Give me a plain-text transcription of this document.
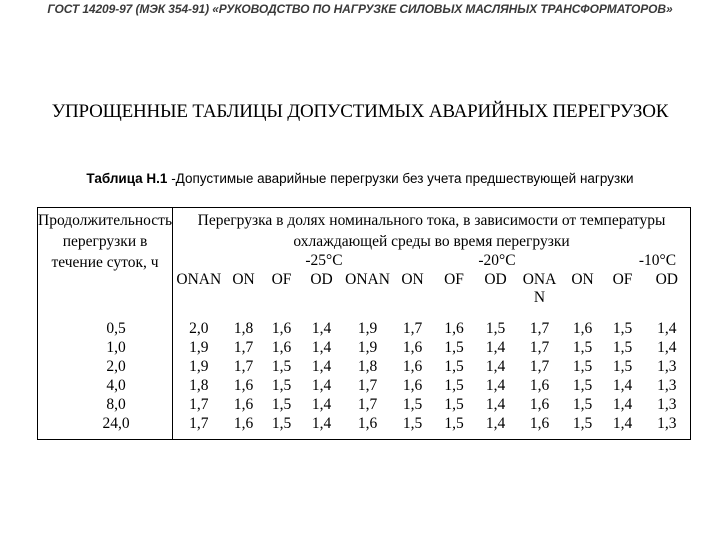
ГОСТ 14209-97 (МЭК 354-91) «РУКОВОДСТВО ПО НАГРУЗКЕ СИЛОВЫХ МАСЛЯНЫХ ТРАНСФОРМАТОРОВ»
УПРОЩЕННЫЕ ТАБЛИЦЫ ДОПУСТИМЫХ АВАРИЙНЫХ ПЕРЕГРУЗОК
Таблица Н.1 -Допустимые аварийные перегрузки без учета предшествующей нагрузки
Продолжительность перегрузки в течение суток, ч	Перегрузка в долях номинального тока, в зависимости от температуры охлаждающей среды во время перегрузки											
	-25°C				-20°C				-10°C			
	ONAN	ON	OF	OD	ONAN	ON	OF	OD	ONAN	ON	OF	OD
0,5	2,0	1,8	1,6	1,4	1,9	1,7	1,6	1,5	1,7	1,6	1,5	1,4
1,0	1,9	1,7	1,6	1,4	1,9	1,6	1,5	1,4	1,7	1,5	1,5	1,4
2,0	1,9	1,7	1,5	1,4	1,8	1,6	1,5	1,4	1,7	1,5	1,5	1,3
4,0	1,8	1,6	1,5	1,4	1,7	1,6	1,5	1,4	1,6	1,5	1,4	1,3
8,0	1,7	1,6	1,5	1,4	1,7	1,5	1,5	1,4	1,6	1,5	1,4	1,3
24,0	1,7	1,6	1,5	1,4	1,6	1,5	1,5	1,4	1,6	1,5	1,4	1,3
